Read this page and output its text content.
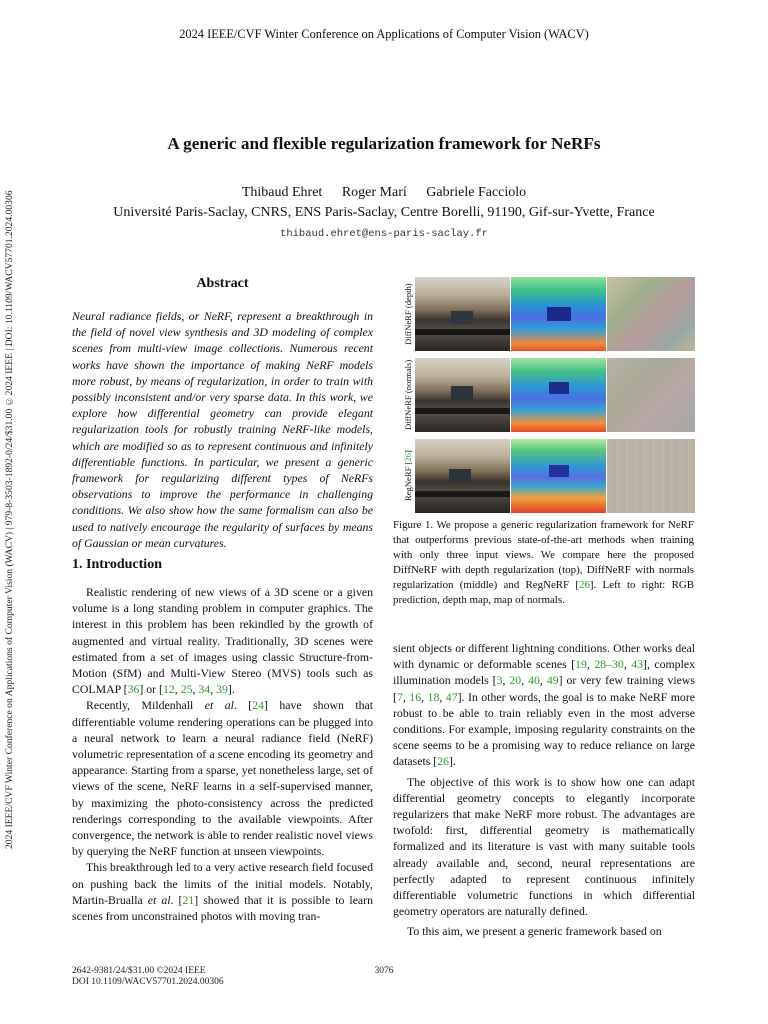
2024 IEEE/CVF Winter Conference on Applications of Computer Vision (WACV)
2024 IEEE/CVF Winter Conference on Applications of Computer Vision (WACV) | 979-8-3503-1892-0/24/$31.00 ©2024 IEEE | DOI: 10.1109/WACV57701.2024.00306
A generic and flexible regularization framework for NeRFs
Thibaud Ehret Roger Marí Gabriele Facciolo
Université Paris-Saclay, CNRS, ENS Paris-Saclay, Centre Borelli, 91190, Gif-sur-Yvette, France
thibaud.ehret@ens-paris-saclay.fr
Abstract

Neural radiance fields, or NeRF, represent a breakthrough in the field of novel view synthesis and 3D modeling of complex scenes from multi-view image collections. Numerous recent works have shown the importance of making NeRF models more robust, by means of regularization, in order to train with possibly inconsistent and/or very sparse data. In this work, we explore how differential geometry can provide elegant regularization tools for robustly training NeRF-like models, which are modified so as to represent continuous and infinitely differentiable functions. In particular, we present a generic framework for regularizing different types of NeRFs observations to improve the performance in challenging conditions. We also show how the same formalism can also be used to natively encourage the regularity of surfaces by means of Gaussian or mean curvatures.

1. Introduction

Realistic rendering of new views of a 3D scene or a given volume is a long standing problem in computer graphics. The interest in this problem has been rekindled by the growth of augmented and virtual reality. Traditionally, 3D scenes were estimated from a set of images using classic Structure-from-Motion (SfM) and Multi-View Stereo (MVS) tools such as COLMAP [36] or [12, 25, 34, 39].

Recently, Mildenhall et al. [24] have shown that differentiable volume rendering operations can be plugged into a neural network to learn a neural radiance field (NeRF) volumetric representation of a scene encoding its geometry and appearance. Starting from a sparse, yet nonetheless large, set of views of the scene, NeRF learns in a self-supervised manner, by maximizing the photo-consistency across the predicted renderings corresponding to the available viewpoints. After convergence, the network is able to render realistic novel views by querying the NeRF function at unseen viewpoints.

This breakthrough led to a very active research field focused on pushing back the limits of the initial models. Notably, Martin-Brualla et al. [21] showed that it is possible to learn scenes from unconstrained photos with moving tran-

DiffNeRF (depth)
DiffNeRF (normals)
RegNeRF [26]
Figure 1. We propose a generic regularization framework for NeRF that outperforms previous state-of-the-art methods when training with only three input views. We compare here the proposed DiffNeRF with depth regularization (top), DiffNeRF with normals regularization (middle) and RegNeRF [26]. Left to right: RGB prediction, depth map, map of normals.

sient objects or different lightning conditions. Other works deal with dynamic or deformable scenes [19, 28–30, 43], complex illumination models [3, 20, 40, 49] or very few training views [7, 16, 18, 47]. In other words, the goal is to make NeRF more robust to be able to train reliably even in the most adverse conditions. For example, imposing regularity constraints on the scene seems to be a promising way to reduce reliance on large datasets [26].

The objective of this work is to show how one can adapt differential geometry concepts to elegantly incorporate regularizers that make NeRF more robust. The advantages are twofold: first, differential geometry is mathematically formalized and its literature is vast with many suitable tools already available and, second, neural representations are perfectly adapted to represent continuous infinitely differentiable volumetric functions in which differential geometry operators are naturally defined.

To this aim, we present a generic framework based on

2642-9381/24/$31.00 ©2024 IEEE
DOI 10.1109/WACV57701.2024.00306
3076
